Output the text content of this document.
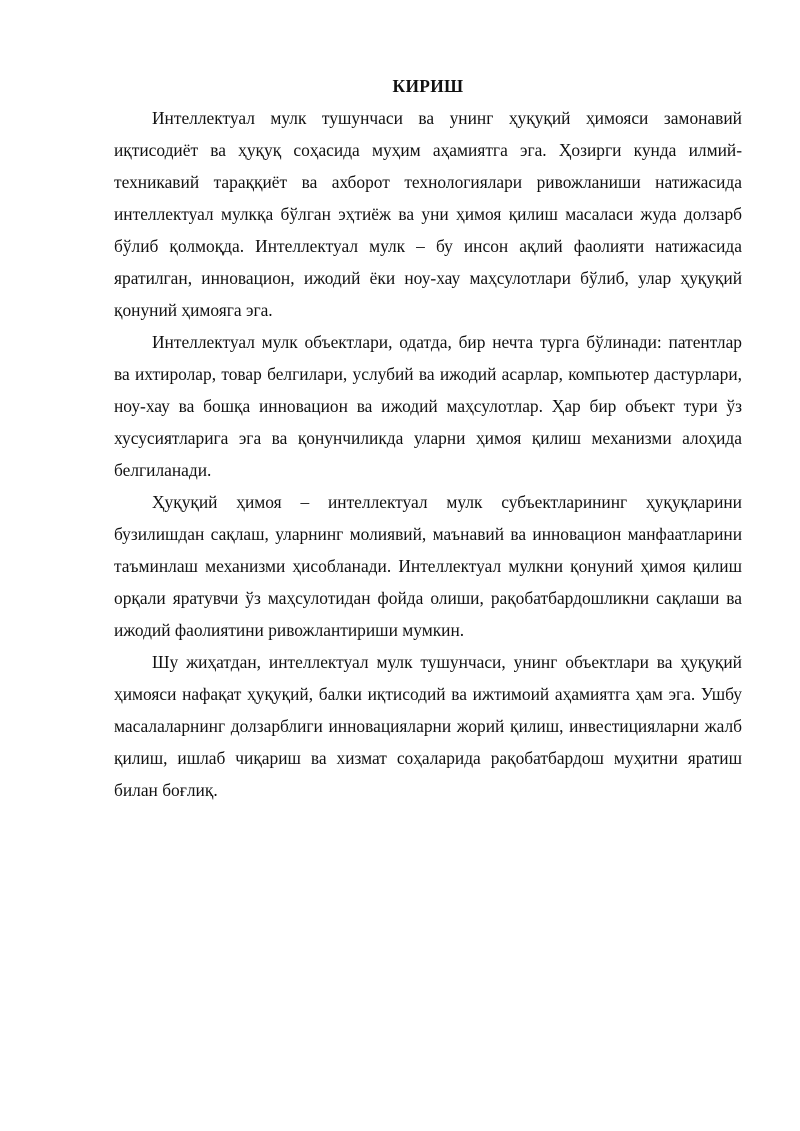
КИРИШ

Интеллектуал мулк тушунчаси ва унинг ҳуқуқий ҳимояси замонавий иқтисодиёт ва ҳуқуқ соҳасида муҳим аҳамиятга эга. Ҳозирги кунда илмий-техникавий тараққиёт ва ахборот технологиялари ривожланиши натижасида интеллектуал мулкқа бўлган эҳтиёж ва уни ҳимоя қилиш масаласи жуда долзарб бўлиб қолмоқда. Интеллектуал мулк – бу инсон ақлий фаолияти натижасида яратилган, инновацион, ижодий ёки ноу-хау маҳсулотлари бўлиб, улар ҳуқуқий қонуний ҳимояга эга.

Интеллектуал мулк объектлари, одатда, бир нечта турга бўлинади: патентлар ва ихтиролар, товар белгилари, услубий ва ижодий асарлар, компьютер дастурлари, ноу-хау ва бошқа инновацион ва ижодий маҳсулотлар. Ҳар бир объект тури ўз хусусиятларига эга ва қонунчиликда уларни ҳимоя қилиш механизми алоҳида белгиланади.

Ҳуқуқий ҳимоя – интеллектуал мулк субъектларининг ҳуқуқларини бузилишдан сақлаш, уларнинг молиявий, маънавий ва инновацион манфаатларини таъминлаш механизми ҳисобланади. Интеллектуал мулкни қонуний ҳимоя қилиш орқали яратувчи ўз маҳсулотидан фойда олиши, рақобатбардошликни сақлаши ва ижодий фаолиятини ривожлантириши мумкин.

Шу жиҳатдан, интеллектуал мулк тушунчаси, унинг объектлари ва ҳуқуқий ҳимояси нафақат ҳуқуқий, балки иқтисодий ва ижтимоий аҳамиятга ҳам эга. Ушбу масалаларнинг долзарблиги инновацияларни жорий қилиш, инвестицияларни жалб қилиш, ишлаб чиқариш ва хизмат соҳаларида рақобатбардош муҳитни яратиш билан боғлиқ.
